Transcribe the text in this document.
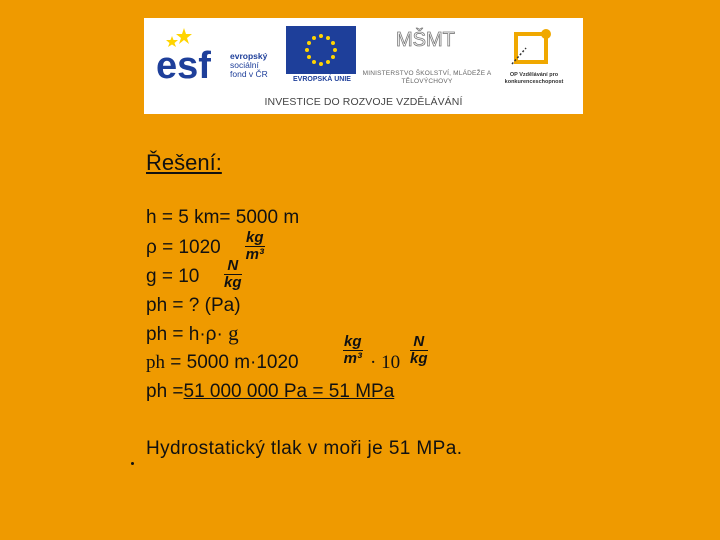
esf evropský
sociální
fond v ČR
EVROPSKÁ UNIE
MŠMT
MINISTERSTVO ŠKOLSTVÍ, MLÁDEŽE A TĚLOVÝCHOVY
OP Vzdělávání pro konkurenceschopnost
INVESTICE DO ROZVOJE VZDĚLÁVÁNÍ
Řešení:
h = 5 km= 5000 m
$\rho = 1020 \frac{kg}{\text{m³}}$
$g = 10 \frac{N}{kg}$
ph = ? (Pa)
ph = h·ρ· g
ph = 5000 m·1020	$\frac{kg}{\text{m³}} \cdot 10 \frac{N}{kg}$
ph =51 000 000 Pa = 51 MPa
Hydrostatický tlak v moři je 51 MPa.
